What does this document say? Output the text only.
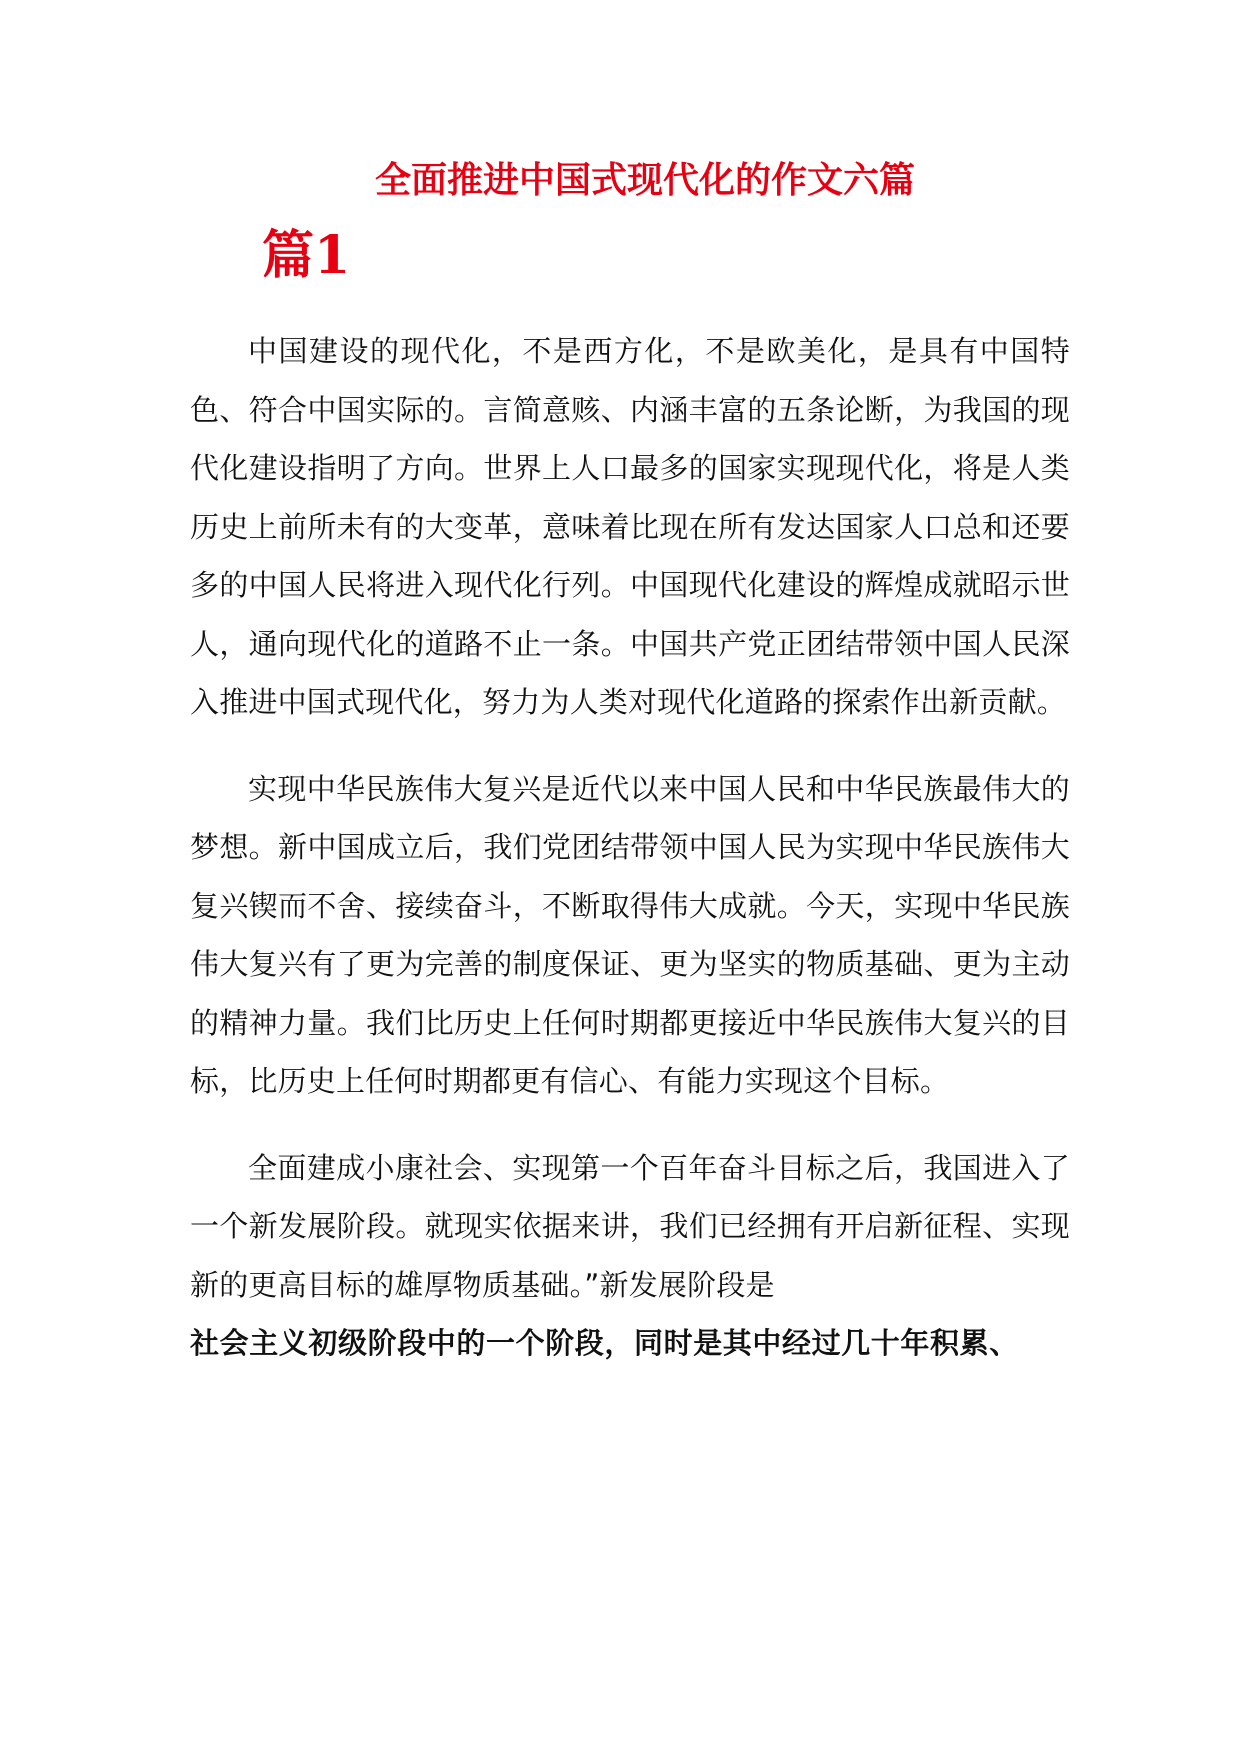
全面推进中国式现代化的作文六篇
篇1

中国建设的现代化，不是西方化，不是欧美化，是具有中国特色、符合中国实际的。言简意赅、内涵丰富的五条论断，为我国的现代化建设指明了方向。世界上人口最多的国家实现现代化，将是人类历史上前所未有的大变革，意味着比现在所有发达国家人口总和还要多的中国人民将进入现代化行列。中国现代化建设的辉煌成就昭示世人，通向现代化的道路不止一条。中国共产党正团结带领中国人民深入推进中国式现代化，努力为人类对现代化道路的探索作出新贡献。

实现中华民族伟大复兴是近代以来中国人民和中华民族最伟大的梦想。新中国成立后，我们党团结带领中国人民为实现中华民族伟大复兴锲而不舍、接续奋斗，不断取得伟大成就。今天，实现中华民族伟大复兴有了更为完善的制度保证、更为坚实的物质基础、更为主动的精神力量。我们比历史上任何时期都更接近中华民族伟大复兴的目标，比历史上任何时期都更有信心、有能力实现这个目标。

全面建成小康社会、实现第一个百年奋斗目标之后，我国进入了一个新发展阶段。就现实依据来讲，我们已经拥有开启新征程、实现新的更高目标的雄厚物质基础。”新发展阶段是
社会主义初级阶段中的一个阶段，同时是其中经过几十年积累、
